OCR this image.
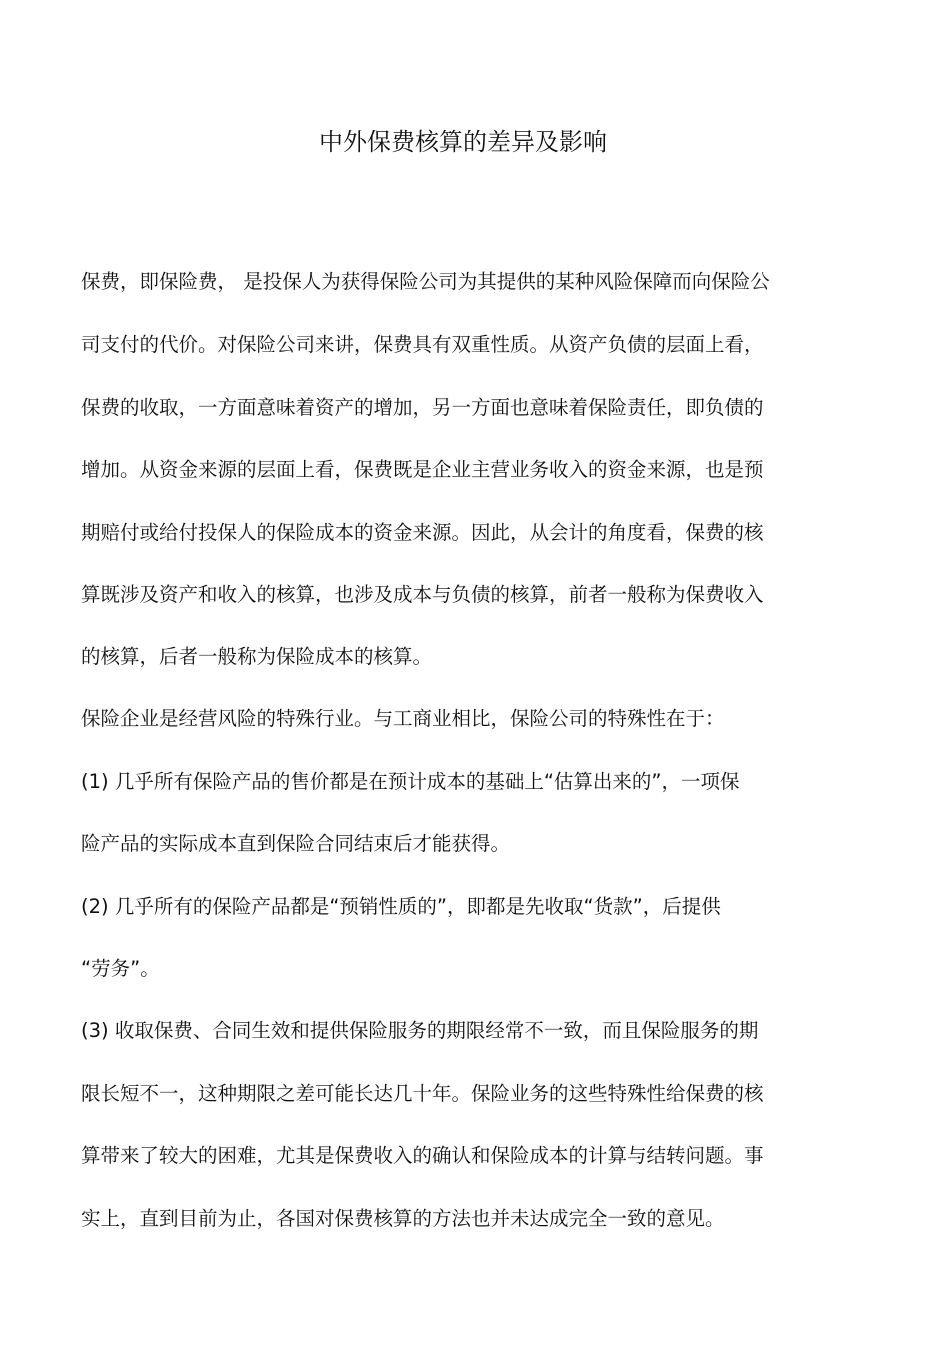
中外保费核算的差异及影响
保费，即保险费， 是投保人为获得保险公司为其提供的某种风险保障而向保险公
司支付的代价。对保险公司来讲，保费具有双重性质。从资产负债的层面上看，
保费的收取，一方面意味着资产的增加，另一方面也意味着保险责任，即负债的
增加。从资金来源的层面上看，保费既是企业主营业务收入的资金来源，也是预
期赔付或给付投保人的保险成本的资金来源。因此，从会计的角度看，保费的核
算既涉及资产和收入的核算，也涉及成本与负债的核算，前者一般称为保费收入
的核算，后者一般称为保险成本的核算。
保险企业是经营风险的特殊行业。与工商业相比，保险公司的特殊性在于：
(1) 几乎所有保险产品的售价都是在预计成本的基础上“估算出来的”，一项保
险产品的实际成本直到保险合同结束后才能获得。
(2) 几乎所有的保险产品都是“预销性质的”，即都是先收取“货款”，后提供
“劳务”。
(3) 收取保费、合同生效和提供保险服务的期限经常不一致，而且保险服务的期
限长短不一，这种期限之差可能长达几十年。保险业务的这些特殊性给保费的核
算带来了较大的困难，尤其是保费收入的确认和保险成本的计算与结转问题。事
实上，直到目前为止，各国对保费核算的方法也并未达成完全一致的意见。
